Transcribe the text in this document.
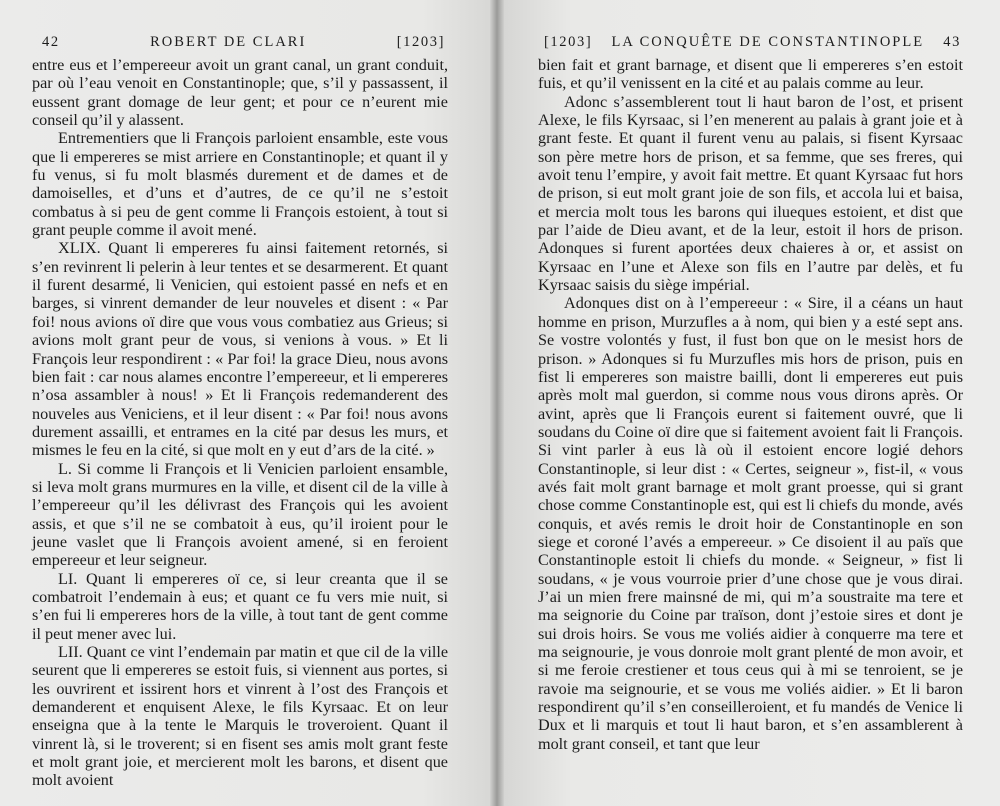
42	ROBERT DE CLARI	[1203]

entre eus et l’empereeur avoit un grant canal, un grant conduit, par où l’eau venoit en Constantinople; que, s’il y passassent, il eussent grant domage de leur gent; et pour ce n’eurent mie conseil qu’il y alassent.

Entrementiers que li François parloient ensamble, este vous que li empereres se mist arriere en Constantinople; et quant il y fu venus, si fu molt blasmés durement et de dames et de damoiselles, et d’uns et d’autres, de ce qu’il ne s’estoit combatus à si peu de gent comme li François estoient, à tout si grant peuple comme il avoit mené.

XLIX. Quant li empereres fu ainsi faitement retornés, si s’en revinrent li pelerin à leur tentes et se desarmerent. Et quant il furent desarmé, li Venicien, qui estoient passé en nefs et en barges, si vinrent demander de leur nouveles et disent : « Par foi! nous avions oï dire que vous vous combatiez aus Grieus; si avions molt grant peur de vous, si venions à vous. » Et li François leur respondirent : « Par foi! la grace Dieu, nous avons bien fait : car nous alames encontre l’empereeur, et li empereres n’osa assambler à nous! » Et li François redemanderent des nouveles aus Veniciens, et il leur disent : « Par foi! nous avons durement assailli, et entrames en la cité par desus les murs, et mismes le feu en la cité, si que molt en y eut d’ars de la cité. »

L. Si comme li François et li Venicien parloient ensamble, si leva molt grans murmures en la ville, et disent cil de la ville à l’empereeur qu’il les délivrast des François qui les avoient assis, et que s’il ne se combatoit à eus, qu’il iroient pour le jeune vaslet que li François avoient amené, si en feroient empereeur et leur seigneur.

LI. Quant li empereres oï ce, si leur creanta que il se combatroit l’endemain à eus; et quant ce fu vers mie nuit, si s’en fui li empereres hors de la ville, à tout tant de gent comme il peut mener avec lui.

LII. Quant ce vint l’endemain par matin et que cil de la ville seurent que li empereres se estoit fuis, si viennent aus portes, si les ouvrirent et issirent hors et vinrent à l’ost des François et demanderent et enquisent Alexe, le fils Kyrsaac. Et on leur enseigna que à la tente le Marquis le troveroient. Quant il vinrent là, si le troverent; si en fisent ses amis molt grant feste et molt grant joie, et mercierent molt les barons, et disent que molt avoient

[1203] LA CONQUÊTE DE CONSTANTINOPLE 43

bien fait et grant barnage, et disent que li empereres s’en estoit fuis, et qu’il venissent en la cité et au palais comme au leur.

Adonc s’assemblerent tout li haut baron de l’ost, et prisent Alexe, le fils Kyrsaac, si l’en menerent au palais à grant joie et à grant feste. Et quant il furent venu au palais, si fisent Kyrsaac son père metre hors de prison, et sa femme, que ses freres, qui avoit tenu l’empire, y avoit fait mettre. Et quant Kyrsaac fut hors de prison, si eut molt grant joie de son fils, et accola lui et baisa, et mercia molt tous les barons qui ilueques estoient, et dist que par l’aide de Dieu avant, et de la leur, estoit il hors de prison. Adonques si furent aportées deux chaieres à or, et assist on Kyrsaac en l’une et Alexe son fils en l’autre par delès, et fu Kyrsaac saisis du siège impérial.

Adonques dist on à l’empereeur : « Sire, il a céans un haut homme en prison, Murzufles a à nom, qui bien y a esté sept ans. Se vostre volontés y fust, il fust bon que on le mesist hors de prison. » Adonques si fu Murzufles mis hors de prison, puis en fist li empereres son maistre bailli, dont li empereres eut puis après molt mal guerdon, si comme nous vous dirons après. Or avint, après que li François eurent si faitement ouvré, que li soudans du Coine oï dire que si faitement avoient fait li François. Si vint parler à eus là où il estoient encore logié dehors Constantinople, si leur dist : « Certes, seigneur », fist-il, « vous avés fait molt grant barnage et molt grant proesse, qui si grant chose comme Constantinople est, qui est li chiefs du monde, avés conquis, et avés remis le droit hoir de Constantinople en son siege et coroné l’avés a empereeur. » Ce disoient il au païs que Constantinople estoit li chiefs du monde. « Seigneur, » fist li soudans, « je vous vourroie prier d’une chose que je vous dirai. J’ai un mien frere mainsné de mi, qui m’a soustraite ma tere et ma seignorie du Coine par traïson, dont j’estoie sires et dont je sui drois hoirs. Se vous me voliés aidier à conquerre ma tere et ma seignourie, je vous donroie molt grant plenté de mon avoir, et si me feroie crestiener et tous ceus qui à mi se tenroient, se je ravoie ma seignourie, et se vous me voliés aidier. » Et li baron respondirent qu’il s’en conseilleroient, et fu mandés de Venice li Dux et li marquis et tout li haut baron, et s’en assamblerent à molt grant conseil, et tant que leur
